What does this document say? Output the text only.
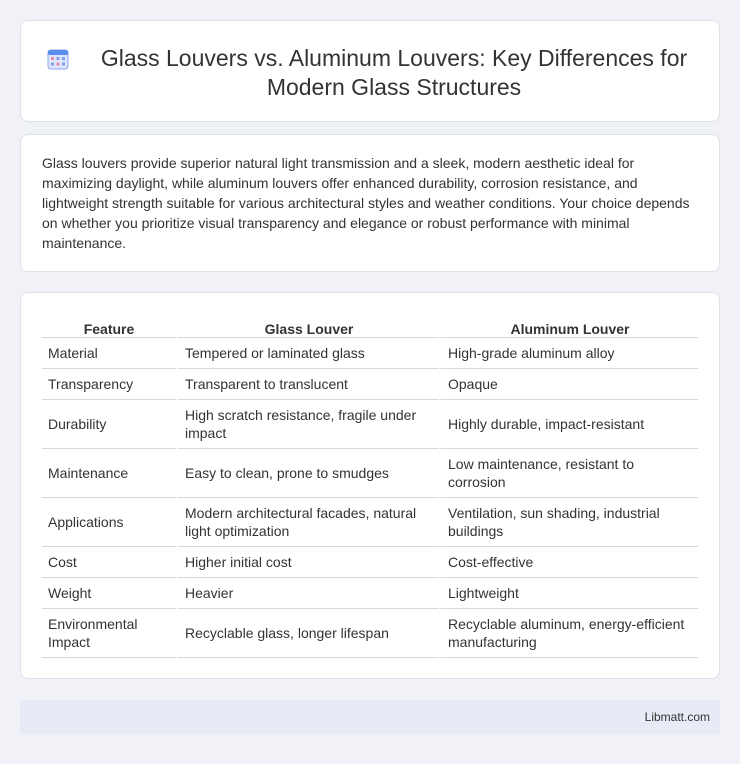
Glass Louvers vs. Aluminum Louvers: Key Differences for Modern Glass Structures

Glass louvers provide superior natural light transmission and a sleek, modern aesthetic ideal for maximizing daylight, while aluminum louvers offer enhanced durability, corrosion resistance, and lightweight strength suitable for various architectural styles and weather conditions. Your choice depends on whether you prioritize visual transparency and elegance or robust performance with minimal maintenance.

Feature	Glass Louver	Aluminum Louver
Material	Tempered or laminated glass	High-grade aluminum alloy
Transparency	Transparent to translucent	Opaque
Durability	High scratch resistance, fragile under impact	Highly durable, impact-resistant
Maintenance	Easy to clean, prone to smudges	Low maintenance, resistant to corrosion
Applications	Modern architectural facades, natural light optimization	Ventilation, sun shading, industrial buildings
Cost	Higher initial cost	Cost-effective
Weight	Heavier	Lightweight
Environmental Impact	Recyclable glass, longer lifespan	Recyclable aluminum, energy-efficient manufacturing
Libmatt.com
